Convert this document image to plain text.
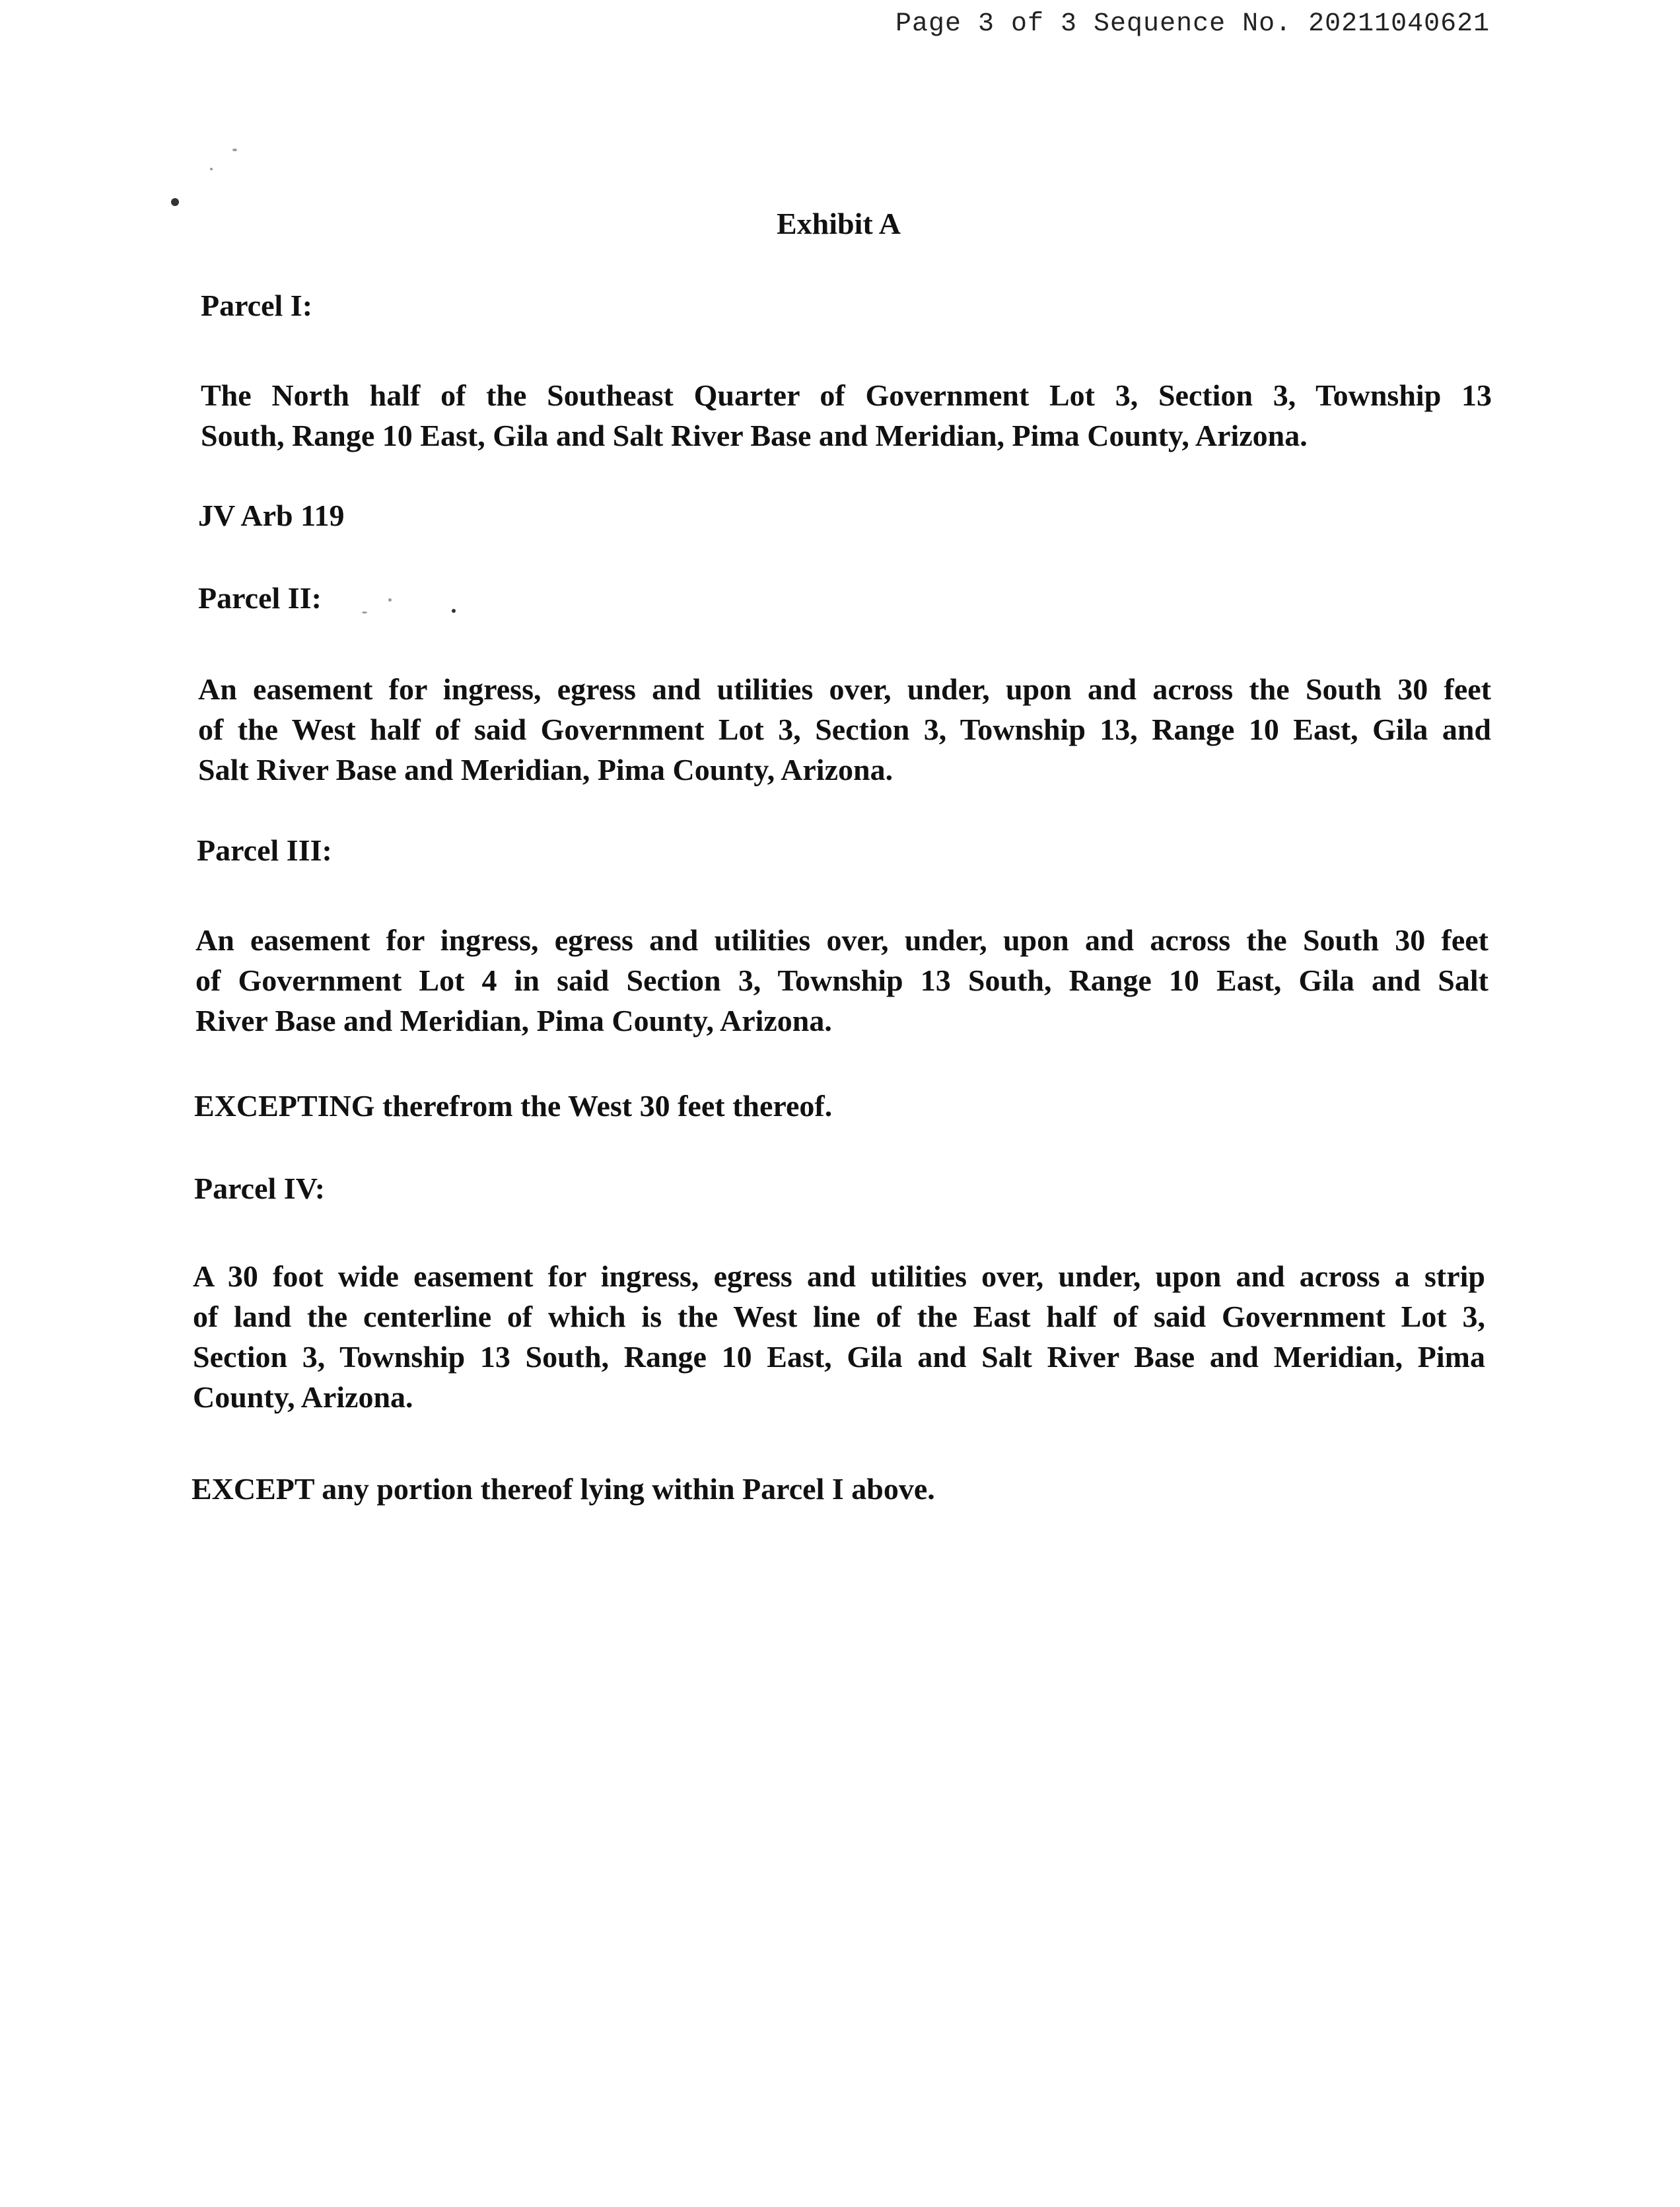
Page 3 of 3 Sequence No. 20211040621
Exhibit A
Parcel I:
The North half of the Southeast Quarter of Government Lot 3, Section 3, Township 13
South, Range 10 East, Gila and Salt River Base and Meridian, Pima County, Arizona.
JV Arb 119
Parcel II:
An easement for ingress, egress and utilities over, under, upon and across the South 30 feet
of the West half of said Government Lot 3, Section 3, Township 13, Range 10 East, Gila and
Salt River Base and Meridian, Pima County, Arizona.
Parcel III:
An easement for ingress, egress and utilities over, under, upon and across the South 30 feet
of Government Lot 4 in said Section 3, Township 13 South, Range 10 East, Gila and Salt
River Base and Meridian, Pima County, Arizona.
EXCEPTING therefrom the West 30 feet thereof.
Parcel IV:
A 30 foot wide easement for ingress, egress and utilities over, under, upon and across a strip
of land the centerline of which is the West line of the East half of said Government Lot 3,
Section 3, Township 13 South, Range 10 East, Gila and Salt River Base and Meridian, Pima
County, Arizona.
EXCEPT any portion thereof lying within Parcel I above.
